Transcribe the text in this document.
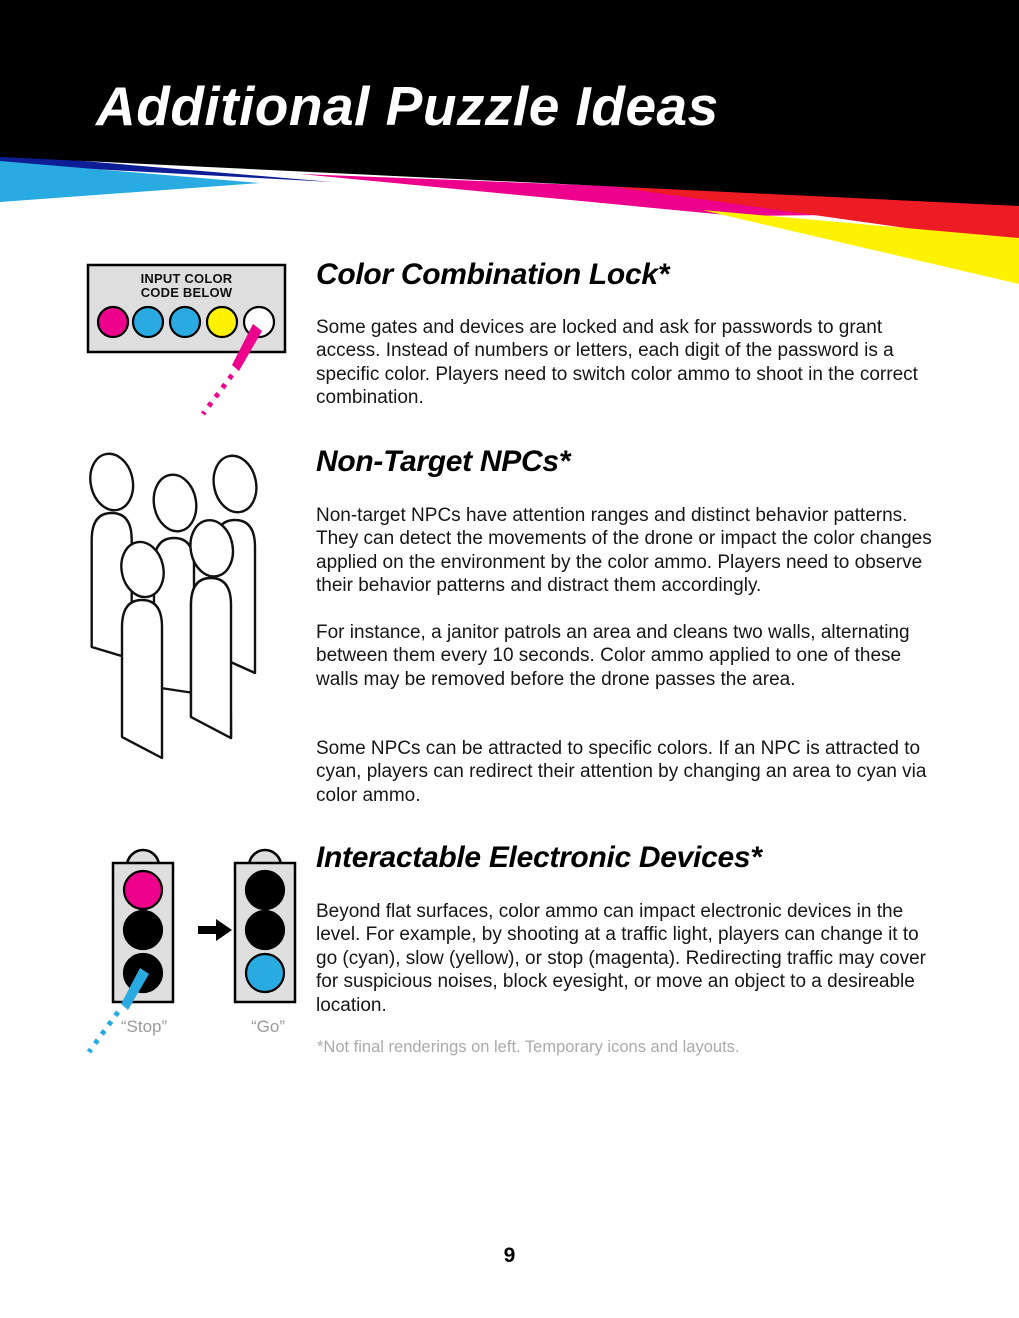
Additional Puzzle Ideas
INPUT COLOR
CODE BELOW
“Stop”	“Go”
Color Combination Lock*

Some gates and devices are locked and ask for passwords to grant access. Instead of numbers or letters, each digit of the password is a specific color. Players need to switch color ammo to shoot in the correct combination.

Non-Target NPCs*

Non-target NPCs have attention ranges and distinct behavior patterns. They can detect the movements of the drone or impact the color changes applied on the environment by the color ammo. Players need to observe their behavior patterns and distract them accordingly.

For instance, a janitor patrols an area and cleans two walls, alternating between them every 10 seconds. Color ammo applied to one of these walls may be removed before the drone passes the area.

Some NPCs can be attracted to specific colors. If an NPC is attracted to cyan, players can redirect their attention by changing an area to cyan via color ammo.

Interactable Electronic Devices*

Beyond flat surfaces, color ammo can impact electronic devices in the level. For example, by shooting at a traffic light, players can change it to go (cyan), slow (yellow), or stop (magenta). Redirecting traffic may cover for suspicious noises, block eyesight, or move an object to a desireable location.

*Not final renderings on left. Temporary icons and layouts.

9
